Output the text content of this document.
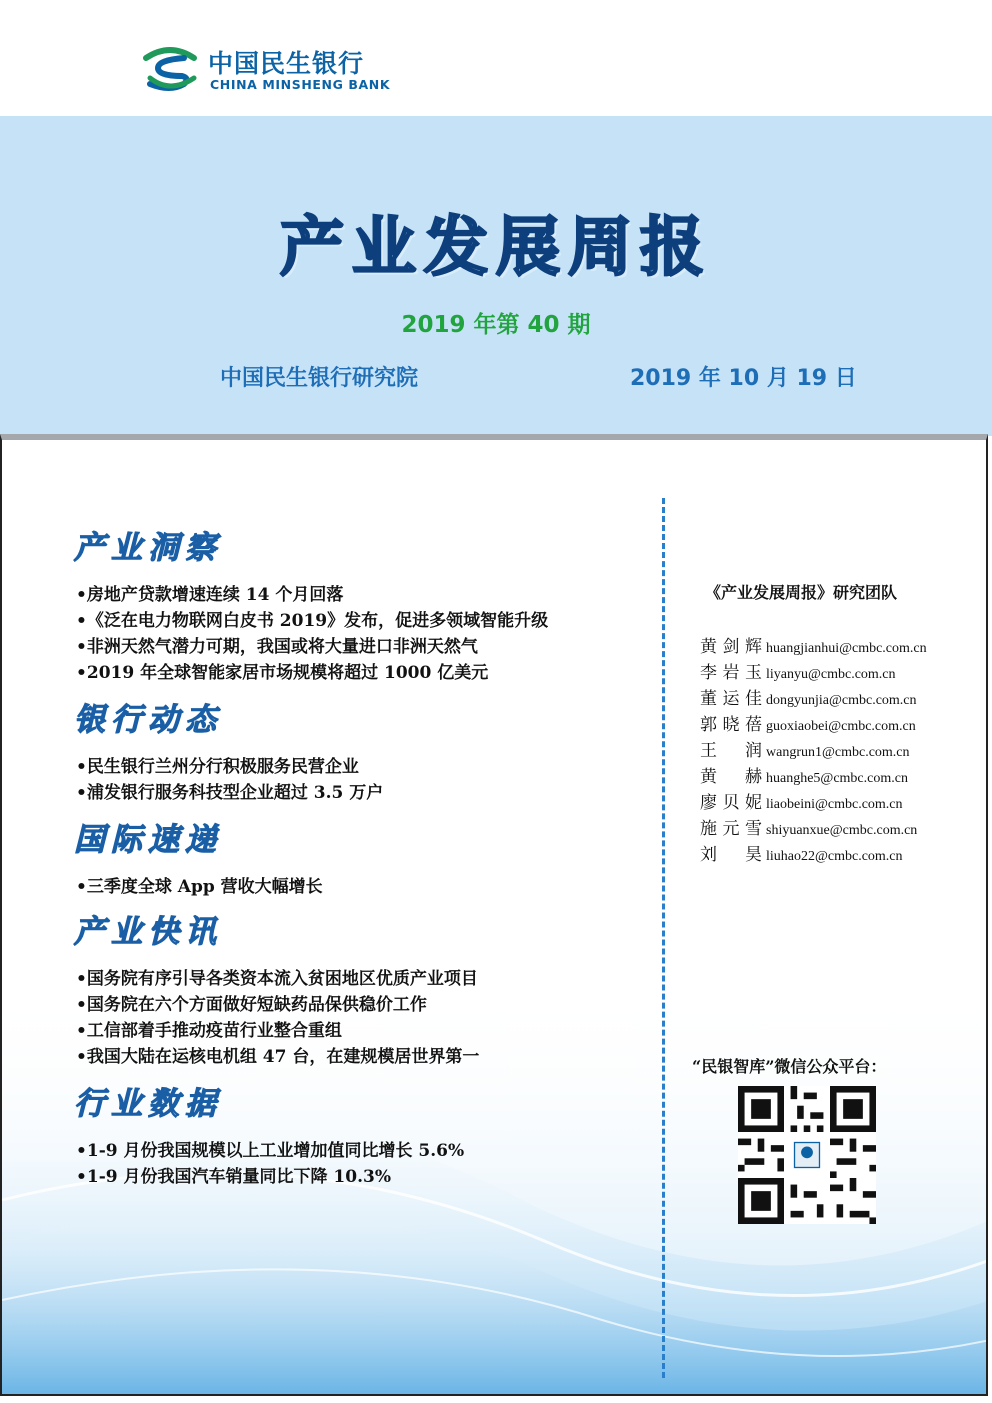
中国民生银行
CHINA MINSHENG BANK
产业发展周报
2019 年第 40 期
中国民生银行研究院	2019 年 10 月 19 日
产业洞察
•房地产贷款增速连续 14 个月回落
•《泛在电力物联网白皮书 2019》发布，促进多领域智能升级
•非洲天然气潜力可期，我国或将大量进口非洲天然气
•2019 年全球智能家居市场规模将超过 1000 亿美元
银行动态
•民生银行兰州分行积极服务民营企业
•浦发银行服务科技型企业超过 3.5 万户
国际速递
•三季度全球 App 营收大幅增长
产业快讯
•国务院有序引导各类资本流入贫困地区优质产业项目
•国务院在六个方面做好短缺药品保供稳价工作
•工信部着手推动疫苗行业整合重组
•我国大陆在运核电机组 47 台，在建规模居世界第一
行业数据
•1-9 月份我国规模以上工业增加值同比增长 5.6%
•1-9 月份我国汽车销量同比下降 10.3%
《产业发展周报》研究团队
黄剑辉 huangjianhui@cmbc.com.cn
李岩玉 liyanyu@cmbc.com.cn
董运佳 dongyunjia@cmbc.com.cn
郭晓蓓 guoxiaobei@cmbc.com.cn
王润 wangrun1@cmbc.com.cn
黄赫 huanghe5@cmbc.com.cn
廖贝妮 liaobeini@cmbc.com.cn
施元雪 shiyuanxue@cmbc.com.cn
刘昊 liuhao22@cmbc.com.cn
“民银智库”微信公众平台：
